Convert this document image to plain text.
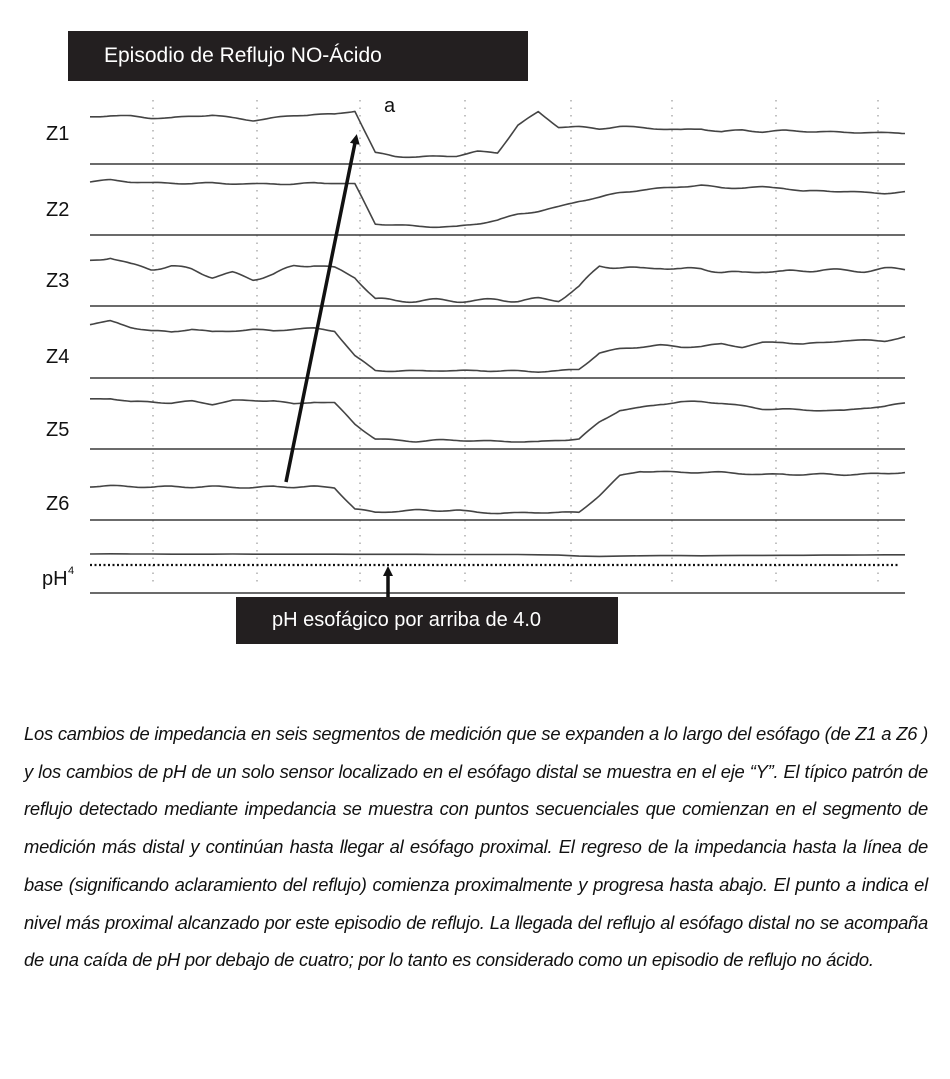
Episodio de Reflujo NO-Ácido
Z1
Z2
Z3
Z4
Z5
Z6
pH 4
a
pH esofágico por arriba de 4.0

Los cambios de impedancia en seis segmentos de medición que se expanden a lo largo del esófago (de Z1 a Z6 ) y los cambios de pH de un solo sensor localizado en el esófago distal se muestra en el eje “Y”. El típico patrón de reflujo detectado mediante impedancia se muestra con puntos secuenciales que comienzan en el segmento de medición más distal y continúan hasta llegar al esófago proximal. El regreso de la impedancia hasta la línea de base (significando aclaramiento del reflujo) comienza proximalmente y progresa hasta abajo. El punto a indica el nivel más proximal alcanzado por este episodio de reflujo. La llegada del reflujo al esófago distal no se acompaña de una caída de pH por debajo de cuatro; por lo tanto es considerado como un episodio de reflujo no ácido.
